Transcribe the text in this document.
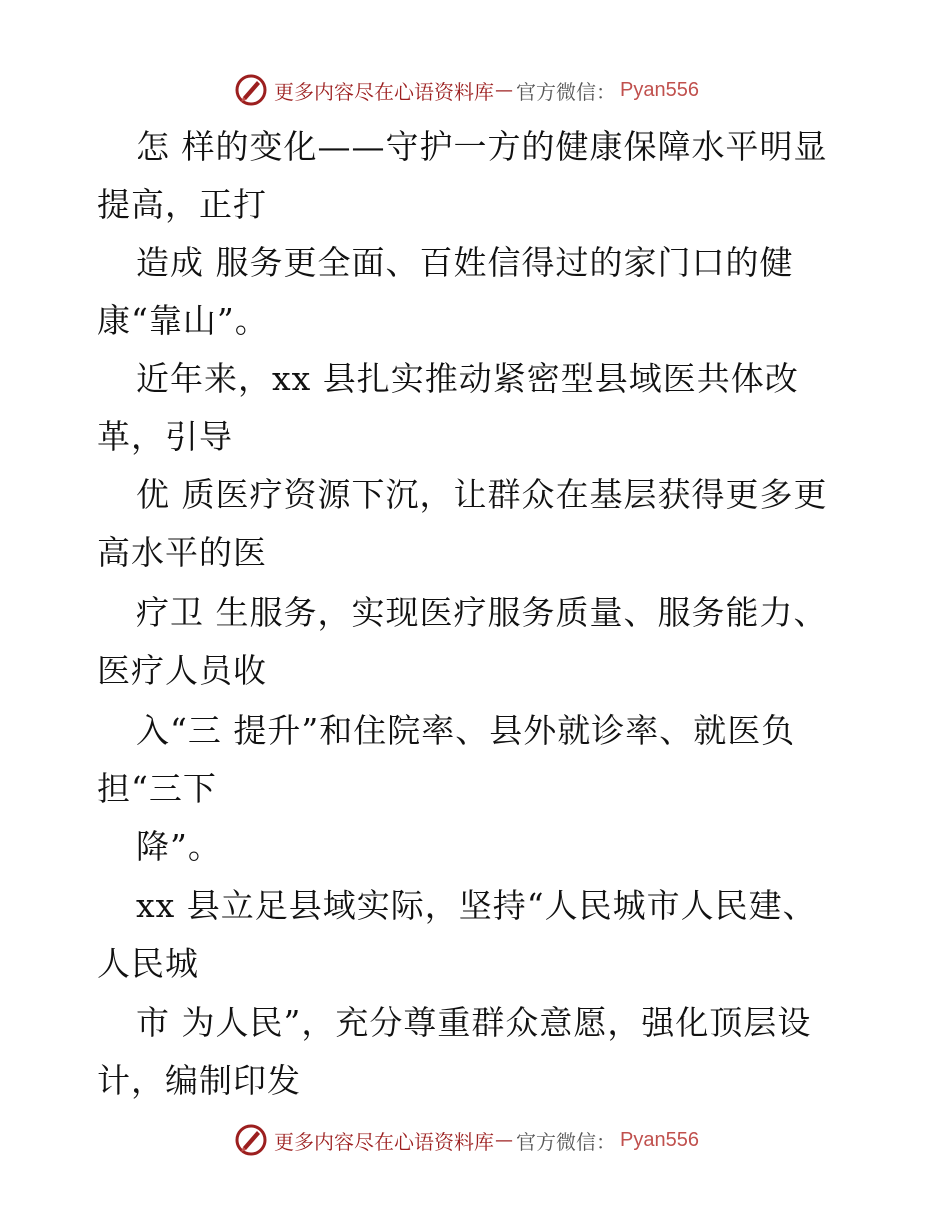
更多内容尽在心语资料库 — 官方微信： Pyan556
怎 样的变化——守护一方的健康保障水平明显
提高，正打
造成 服务更全面、百姓信得过的家门口的健
康“靠山”。
近年来，xx 县扎实推动紧密型县域医共体改
革，引导
优 质医疗资源下沉，让群众在基层获得更多更
高水平的医
疗卫 生服务，实现医疗服务质量、服务能力、
医疗人员收
入“三 提升”和住院率、县外就诊率、就医负
担“三下
降”。
xx 县立足县域实际，坚持“人民城市人民建、
人民城
市 为人民”，充分尊重群众意愿，强化顶层设
计，编制印发
更多内容尽在心语资料库 — 官方微信： Pyan556
